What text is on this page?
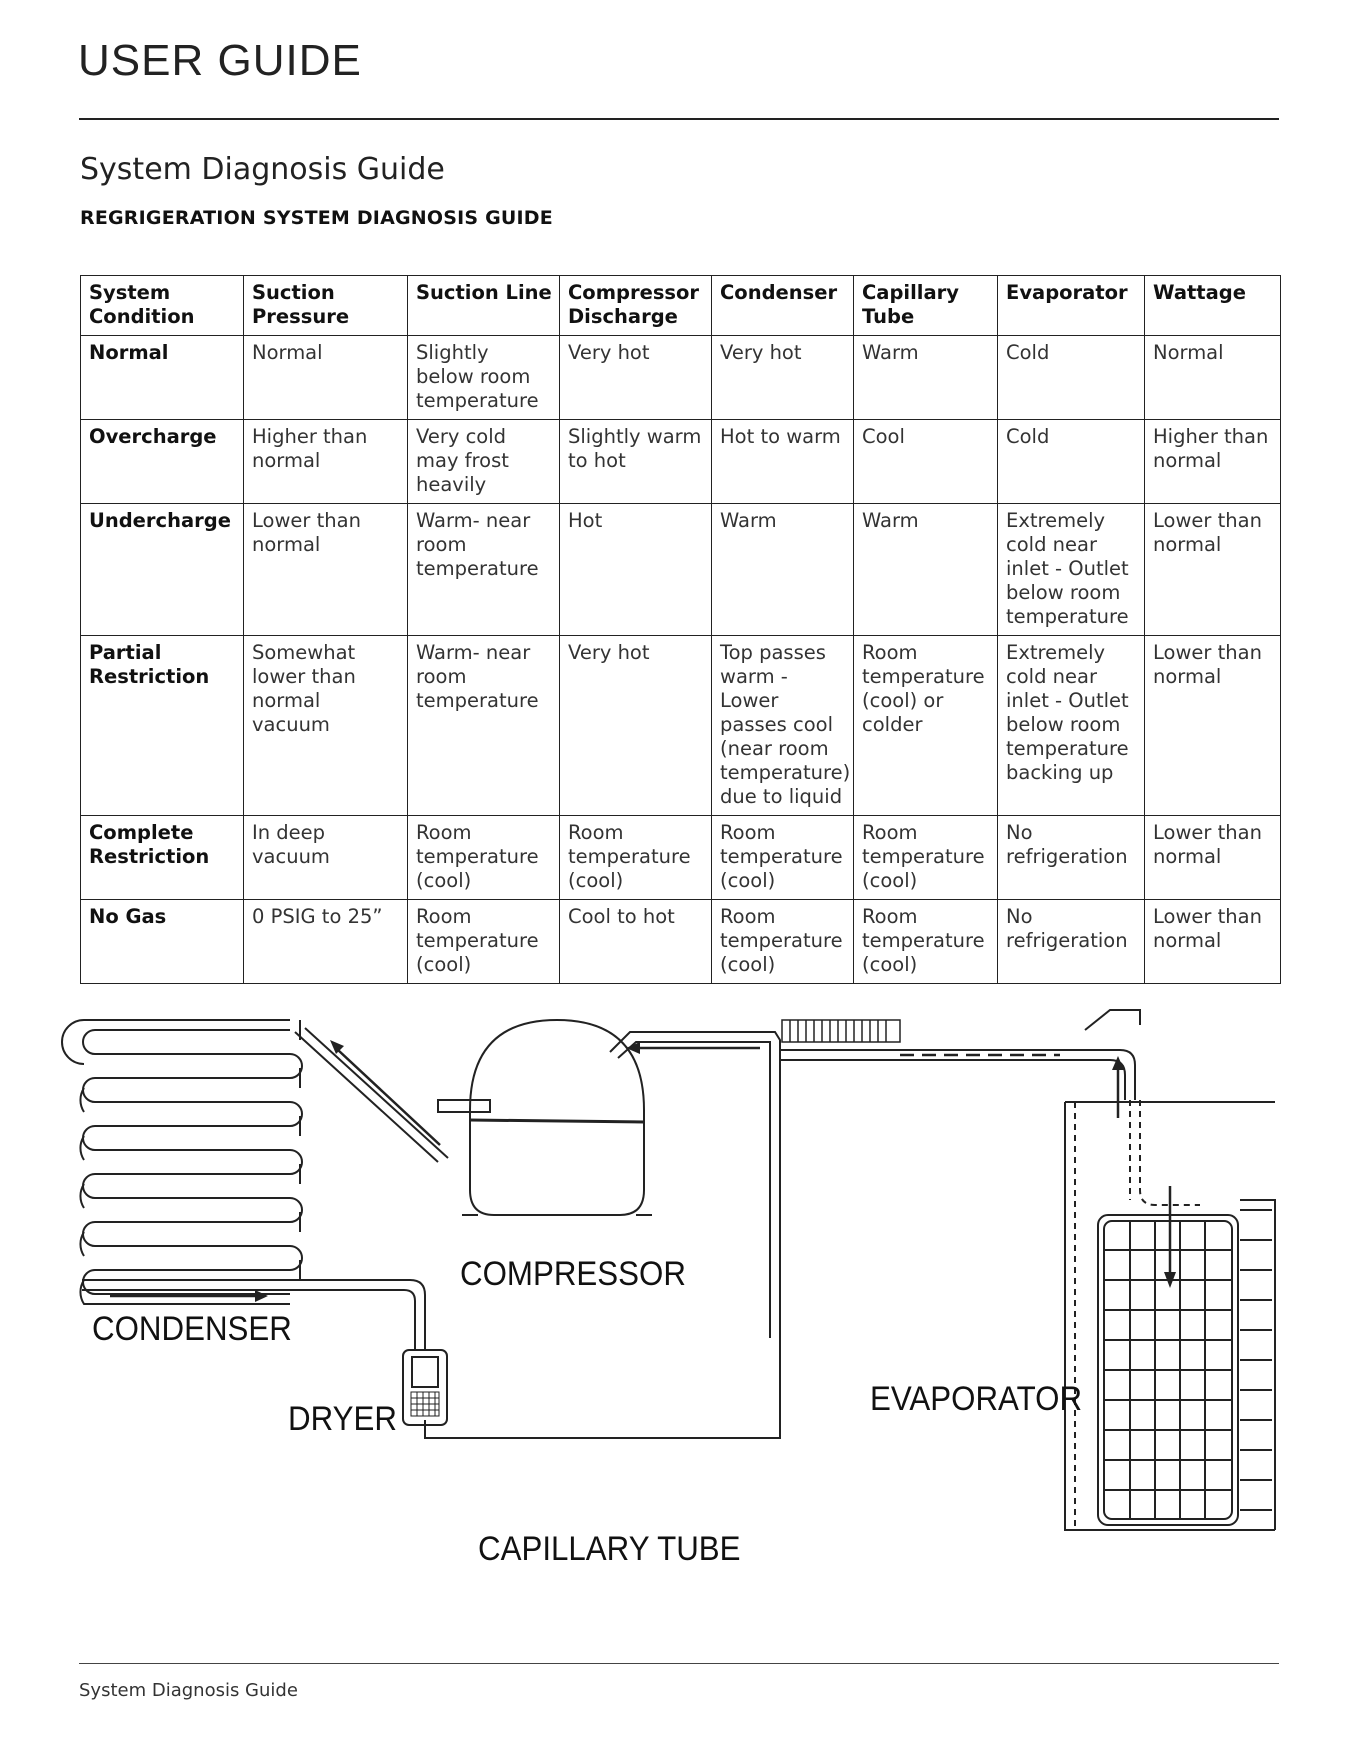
USER GUIDE
System Diagnosis Guide
REGRIGERATION SYSTEM DIAGNOSIS GUIDE
System Condition	Suction Pressure	Suction Line	Compressor Discharge	Condenser	Capillary Tube	Evaporator	Wattage
Normal	Normal	Slightly below room temperature	Very hot	Very hot	Warm	Cold	Normal
Overcharge	Higher than normal	Very cold may frost heavily	Slightly warm to hot	Hot to warm	Cool	Cold	Higher than normal
Undercharge	Lower than normal	Warm- near room temperature	Hot	Warm	Warm	Extremely cold near inlet - Outlet below room temperature	Lower than normal
Partial Restriction	Somewhat lower than normal vacuum	Warm- near room temperature	Very hot	Top passes warm - Lower passes cool (near room temperature) due to liquid	Room temperature (cool) or colder	Extremely cold near inlet - Outlet below room temperature backing up	Lower than normal
Complete Restriction	In deep vacuum	Room temperature (cool)	Room temperature (cool)	Room temperature (cool)	Room temperature (cool)	No refrigeration	Lower than normal
No Gas	0 PSIG to 25”	Room temperature (cool)	Cool to hot	Room temperature (cool)	Room temperature (cool)	No refrigeration	Lower than normal
COMPRESSOR
CONDENSER
DRYER
EVAPORATOR
CAPILLARY TUBE
System Diagnosis Guide
